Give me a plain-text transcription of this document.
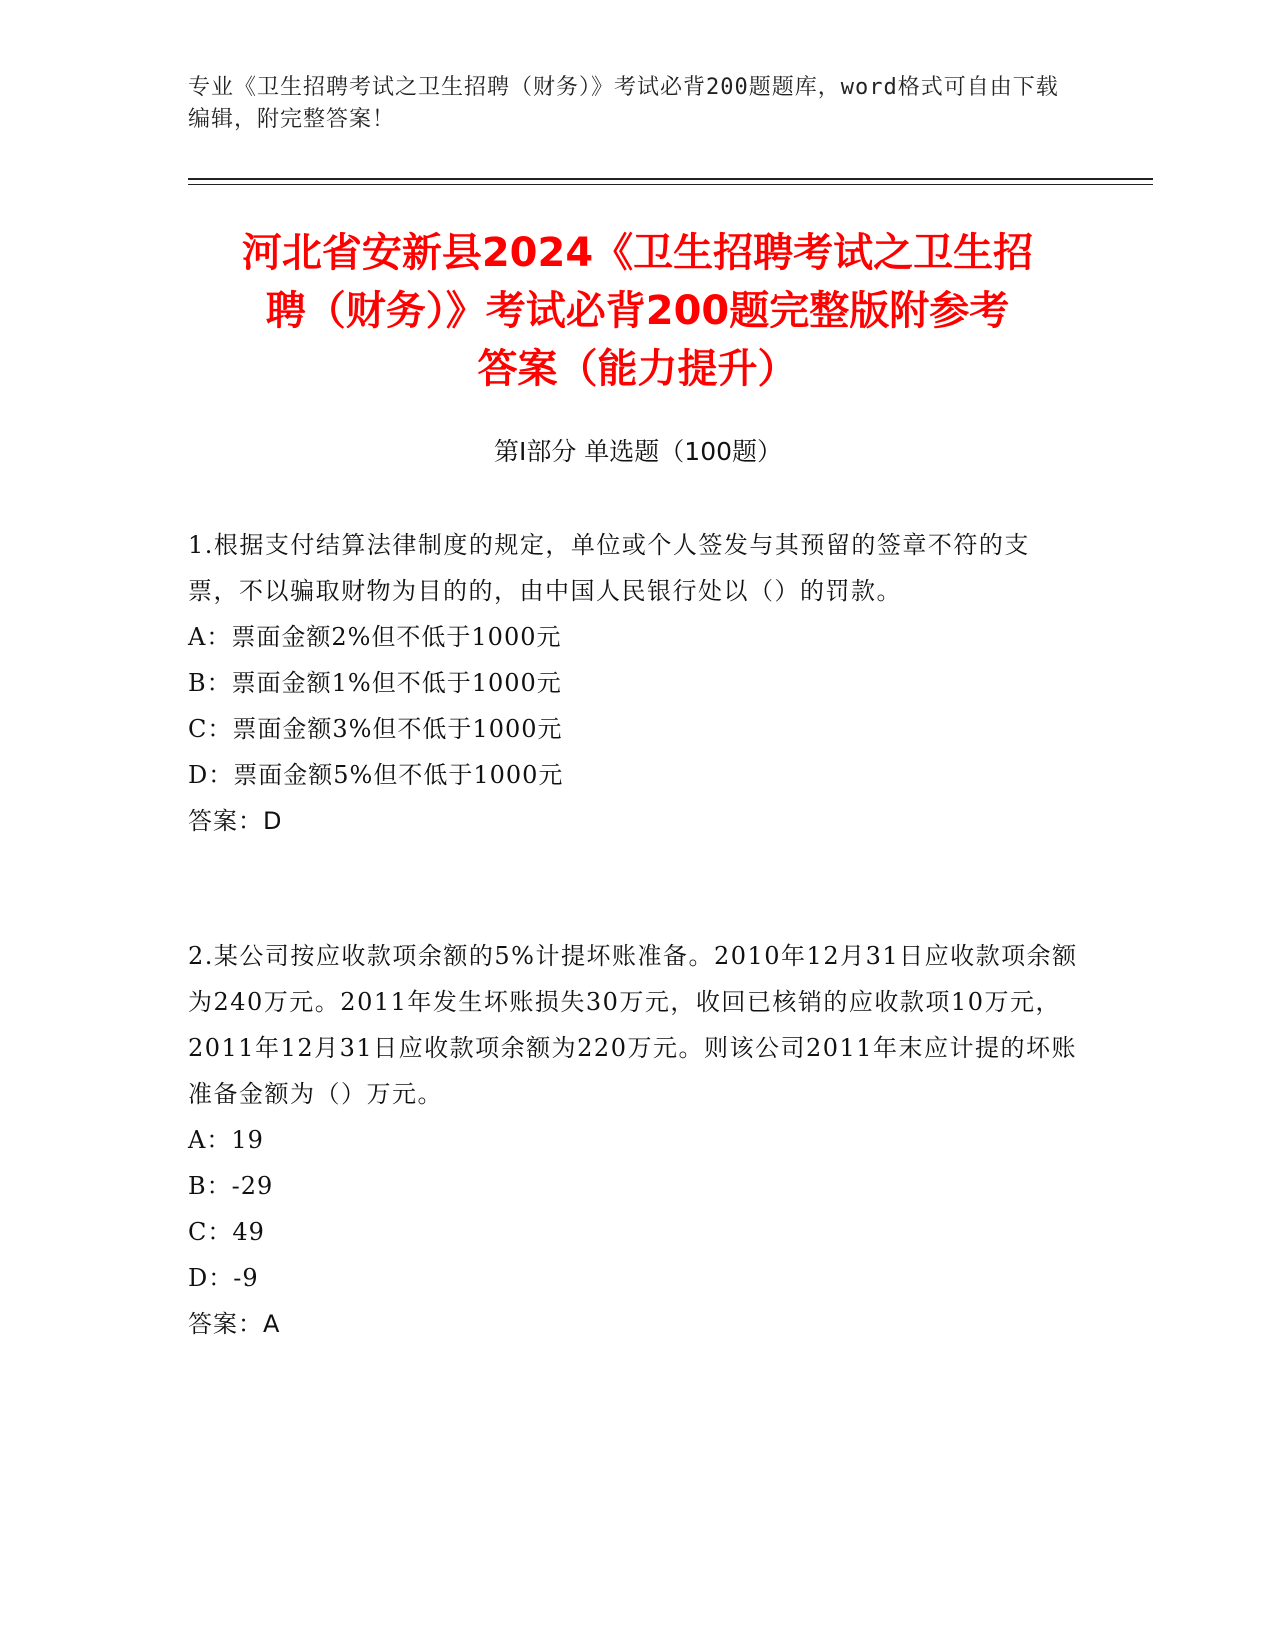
专业《卫生招聘考试之卫生招聘（财务）》考试必背200题题库，word格式可自由下载编辑，附完整答案！
河北省安新县2024《卫生招聘考试之卫生招
聘（财务）》考试必背200题完整版附参考
答案（能力提升）
第Ⅰ部分 单选题（100题）
1.根据支付结算法律制度的规定，单位或个人签发与其预留的签章不符的支票，不以骗取财物为目的的，由中国人民银行处以（）的罚款。
A：票面金额2%但不低于1000元
B：票面金额1%但不低于1000元
C：票面金额3%但不低于1000元
D：票面金额5%但不低于1000元
答案：D
2.某公司按应收款项余额的5%计提坏账准备。2010年12月31日应收款项余额为240万元。2011年发生坏账损失30万元，收回已核销的应收款项10万元，2011年12月31日应收款项余额为220万元。则该公司2011年末应计提的坏账准备金额为（）万元。
A：19
B：-29
C：49
D：-9
答案：A
